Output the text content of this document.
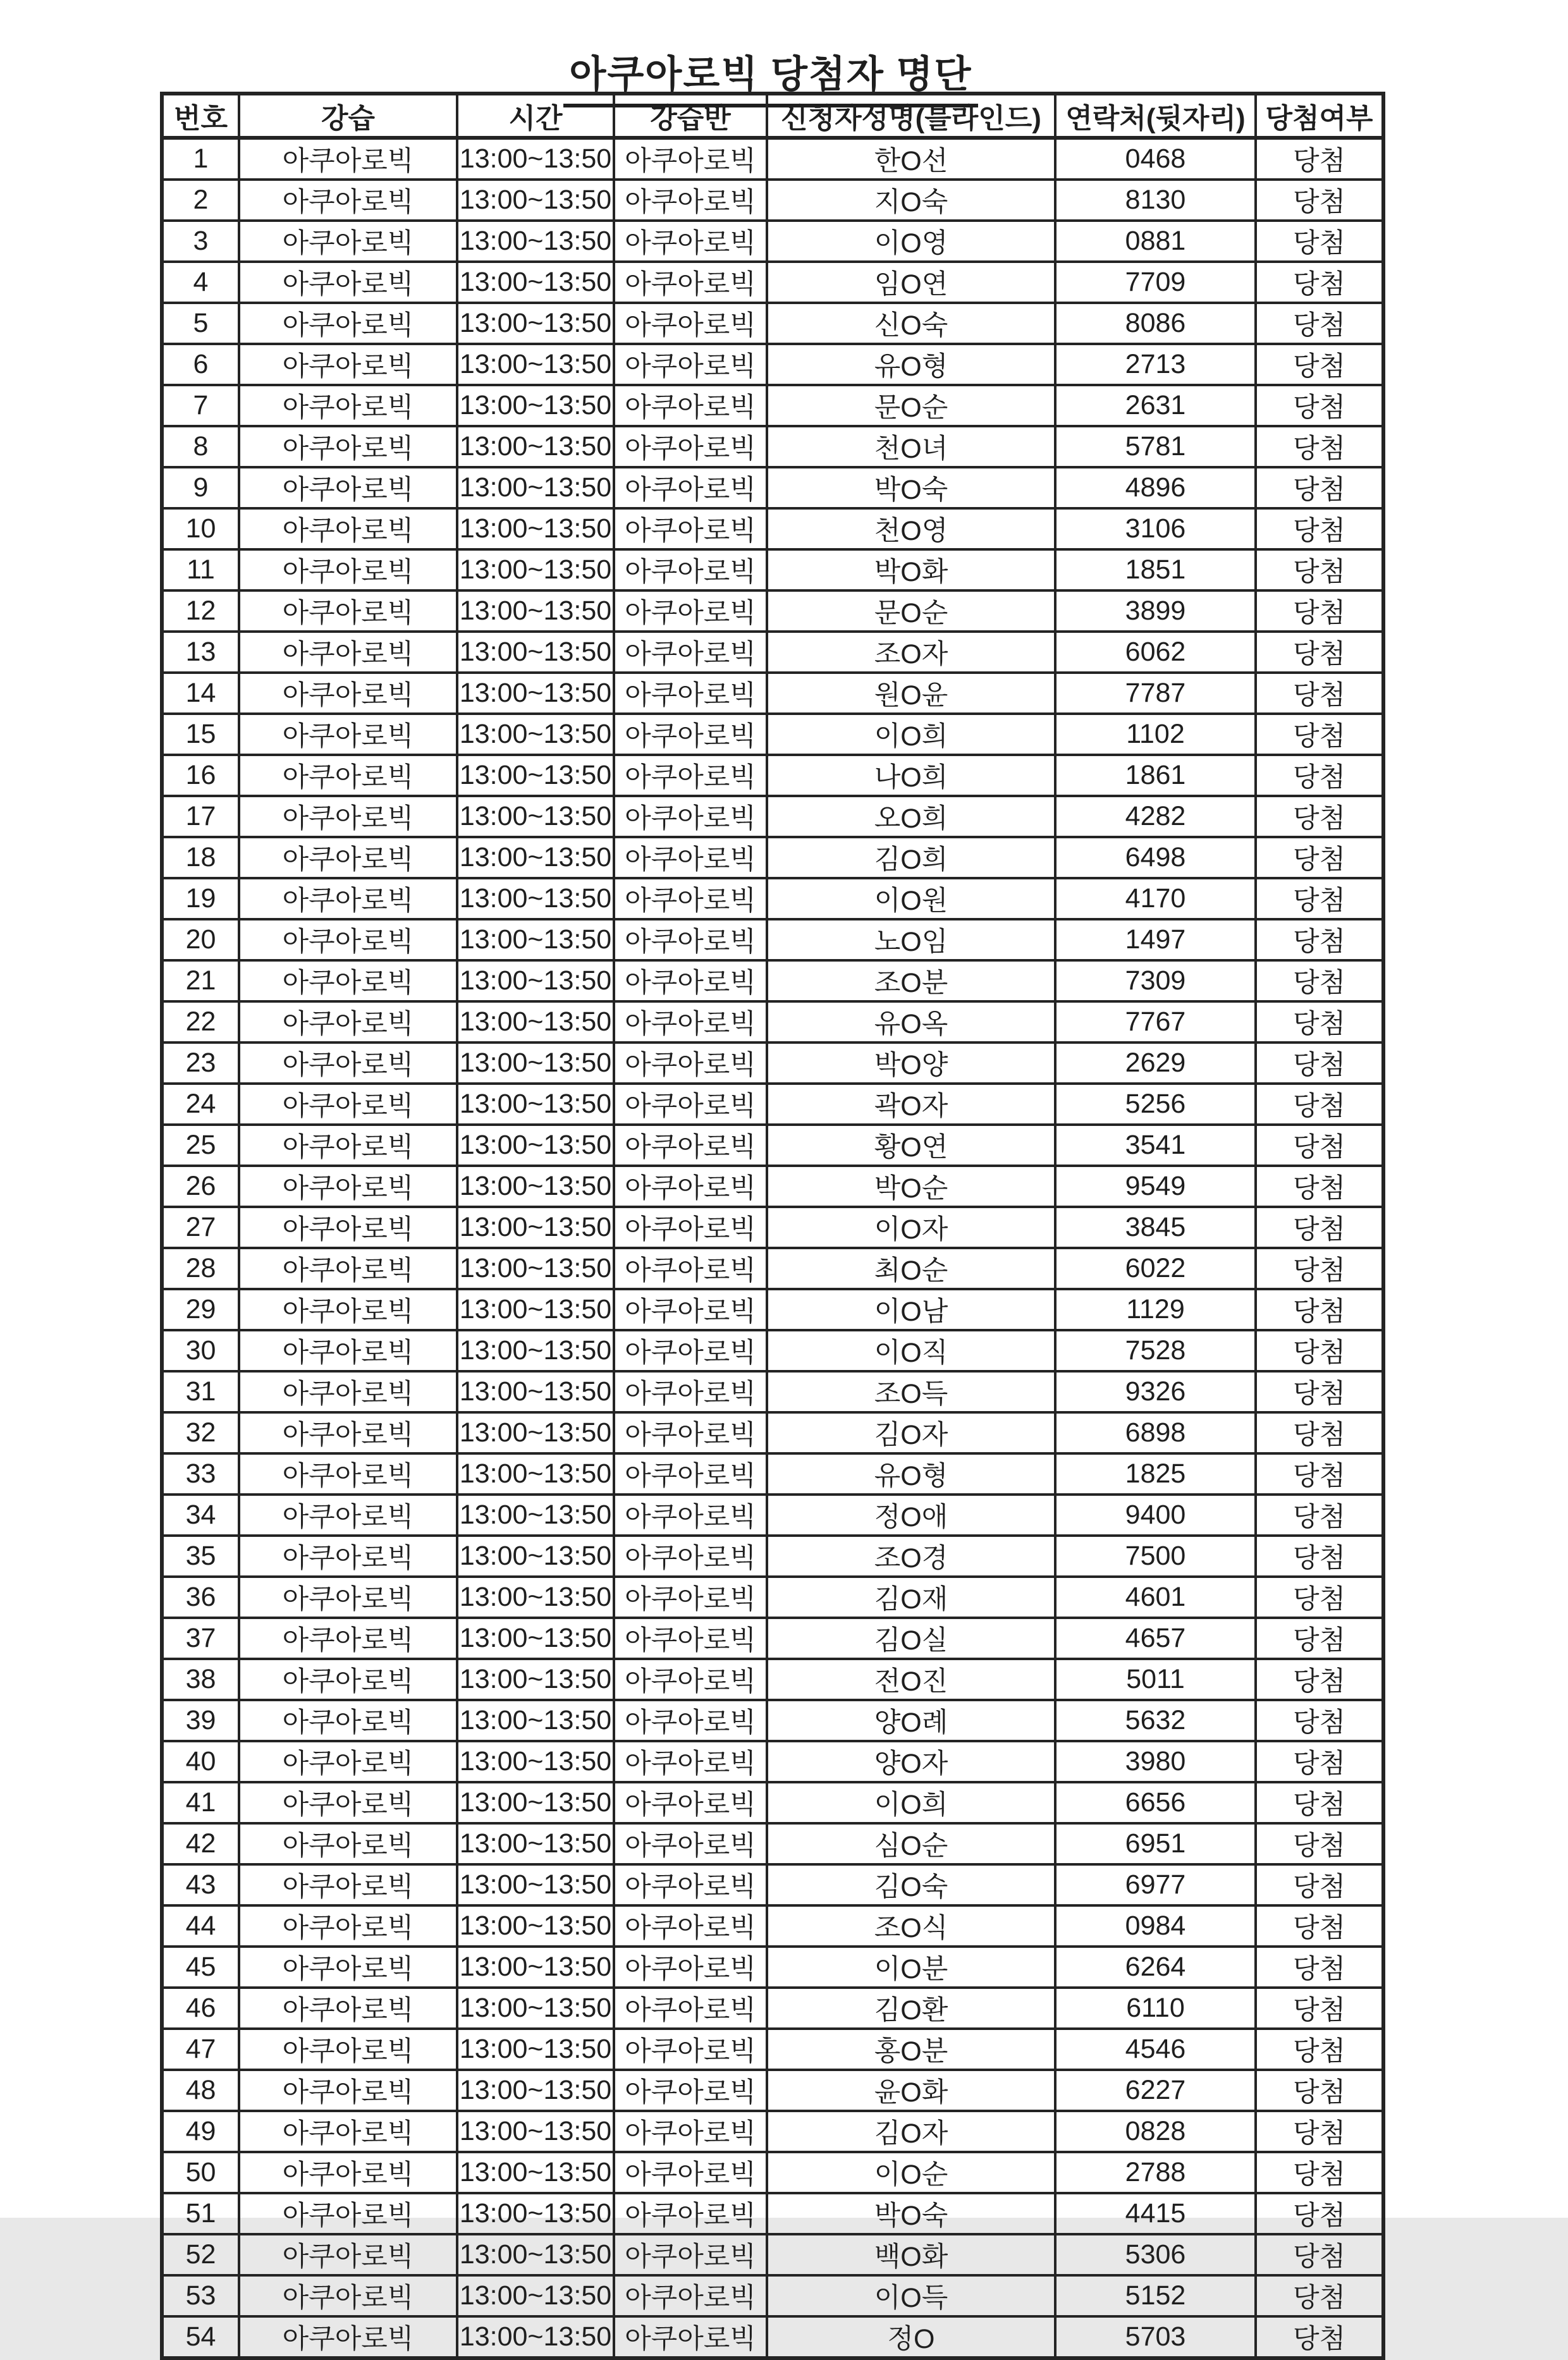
아쿠아로빅 당첨자 명단
번호	강습	시간	강습반	신청자성명(블라인드)	연락처(뒷자리)	당첨여부
1	아쿠아로빅	13:00~13:50	아쿠아로빅	한O선	0468	당첨
2	아쿠아로빅	13:00~13:50	아쿠아로빅	지O숙	8130	당첨
3	아쿠아로빅	13:00~13:50	아쿠아로빅	이O영	0881	당첨
4	아쿠아로빅	13:00~13:50	아쿠아로빅	임O연	7709	당첨
5	아쿠아로빅	13:00~13:50	아쿠아로빅	신O숙	8086	당첨
6	아쿠아로빅	13:00~13:50	아쿠아로빅	유O형	2713	당첨
7	아쿠아로빅	13:00~13:50	아쿠아로빅	문O순	2631	당첨
8	아쿠아로빅	13:00~13:50	아쿠아로빅	천O녀	5781	당첨
9	아쿠아로빅	13:00~13:50	아쿠아로빅	박O숙	4896	당첨
10	아쿠아로빅	13:00~13:50	아쿠아로빅	천O영	3106	당첨
11	아쿠아로빅	13:00~13:50	아쿠아로빅	박O화	1851	당첨
12	아쿠아로빅	13:00~13:50	아쿠아로빅	문O순	3899	당첨
13	아쿠아로빅	13:00~13:50	아쿠아로빅	조O자	6062	당첨
14	아쿠아로빅	13:00~13:50	아쿠아로빅	원O윤	7787	당첨
15	아쿠아로빅	13:00~13:50	아쿠아로빅	이O희	1102	당첨
16	아쿠아로빅	13:00~13:50	아쿠아로빅	나O희	1861	당첨
17	아쿠아로빅	13:00~13:50	아쿠아로빅	오O희	4282	당첨
18	아쿠아로빅	13:00~13:50	아쿠아로빅	김O희	6498	당첨
19	아쿠아로빅	13:00~13:50	아쿠아로빅	이O원	4170	당첨
20	아쿠아로빅	13:00~13:50	아쿠아로빅	노O임	1497	당첨
21	아쿠아로빅	13:00~13:50	아쿠아로빅	조O분	7309	당첨
22	아쿠아로빅	13:00~13:50	아쿠아로빅	유O옥	7767	당첨
23	아쿠아로빅	13:00~13:50	아쿠아로빅	박O양	2629	당첨
24	아쿠아로빅	13:00~13:50	아쿠아로빅	곽O자	5256	당첨
25	아쿠아로빅	13:00~13:50	아쿠아로빅	황O연	3541	당첨
26	아쿠아로빅	13:00~13:50	아쿠아로빅	박O순	9549	당첨
27	아쿠아로빅	13:00~13:50	아쿠아로빅	이O자	3845	당첨
28	아쿠아로빅	13:00~13:50	아쿠아로빅	최O순	6022	당첨
29	아쿠아로빅	13:00~13:50	아쿠아로빅	이O남	1129	당첨
30	아쿠아로빅	13:00~13:50	아쿠아로빅	이O직	7528	당첨
31	아쿠아로빅	13:00~13:50	아쿠아로빅	조O득	9326	당첨
32	아쿠아로빅	13:00~13:50	아쿠아로빅	김O자	6898	당첨
33	아쿠아로빅	13:00~13:50	아쿠아로빅	유O형	1825	당첨
34	아쿠아로빅	13:00~13:50	아쿠아로빅	정O애	9400	당첨
35	아쿠아로빅	13:00~13:50	아쿠아로빅	조O경	7500	당첨
36	아쿠아로빅	13:00~13:50	아쿠아로빅	김O재	4601	당첨
37	아쿠아로빅	13:00~13:50	아쿠아로빅	김O실	4657	당첨
38	아쿠아로빅	13:00~13:50	아쿠아로빅	전O진	5011	당첨
39	아쿠아로빅	13:00~13:50	아쿠아로빅	양O례	5632	당첨
40	아쿠아로빅	13:00~13:50	아쿠아로빅	양O자	3980	당첨
41	아쿠아로빅	13:00~13:50	아쿠아로빅	이O희	6656	당첨
42	아쿠아로빅	13:00~13:50	아쿠아로빅	심O순	6951	당첨
43	아쿠아로빅	13:00~13:50	아쿠아로빅	김O숙	6977	당첨
44	아쿠아로빅	13:00~13:50	아쿠아로빅	조O식	0984	당첨
45	아쿠아로빅	13:00~13:50	아쿠아로빅	이O분	6264	당첨
46	아쿠아로빅	13:00~13:50	아쿠아로빅	김O환	6110	당첨
47	아쿠아로빅	13:00~13:50	아쿠아로빅	홍O분	4546	당첨
48	아쿠아로빅	13:00~13:50	아쿠아로빅	윤O화	6227	당첨
49	아쿠아로빅	13:00~13:50	아쿠아로빅	김O자	0828	당첨
50	아쿠아로빅	13:00~13:50	아쿠아로빅	이O순	2788	당첨
51	아쿠아로빅	13:00~13:50	아쿠아로빅	박O숙	4415	당첨
52	아쿠아로빅	13:00~13:50	아쿠아로빅	백O화	5306	당첨
53	아쿠아로빅	13:00~13:50	아쿠아로빅	이O득	5152	당첨
54	아쿠아로빅	13:00~13:50	아쿠아로빅	정O	5703	당첨
